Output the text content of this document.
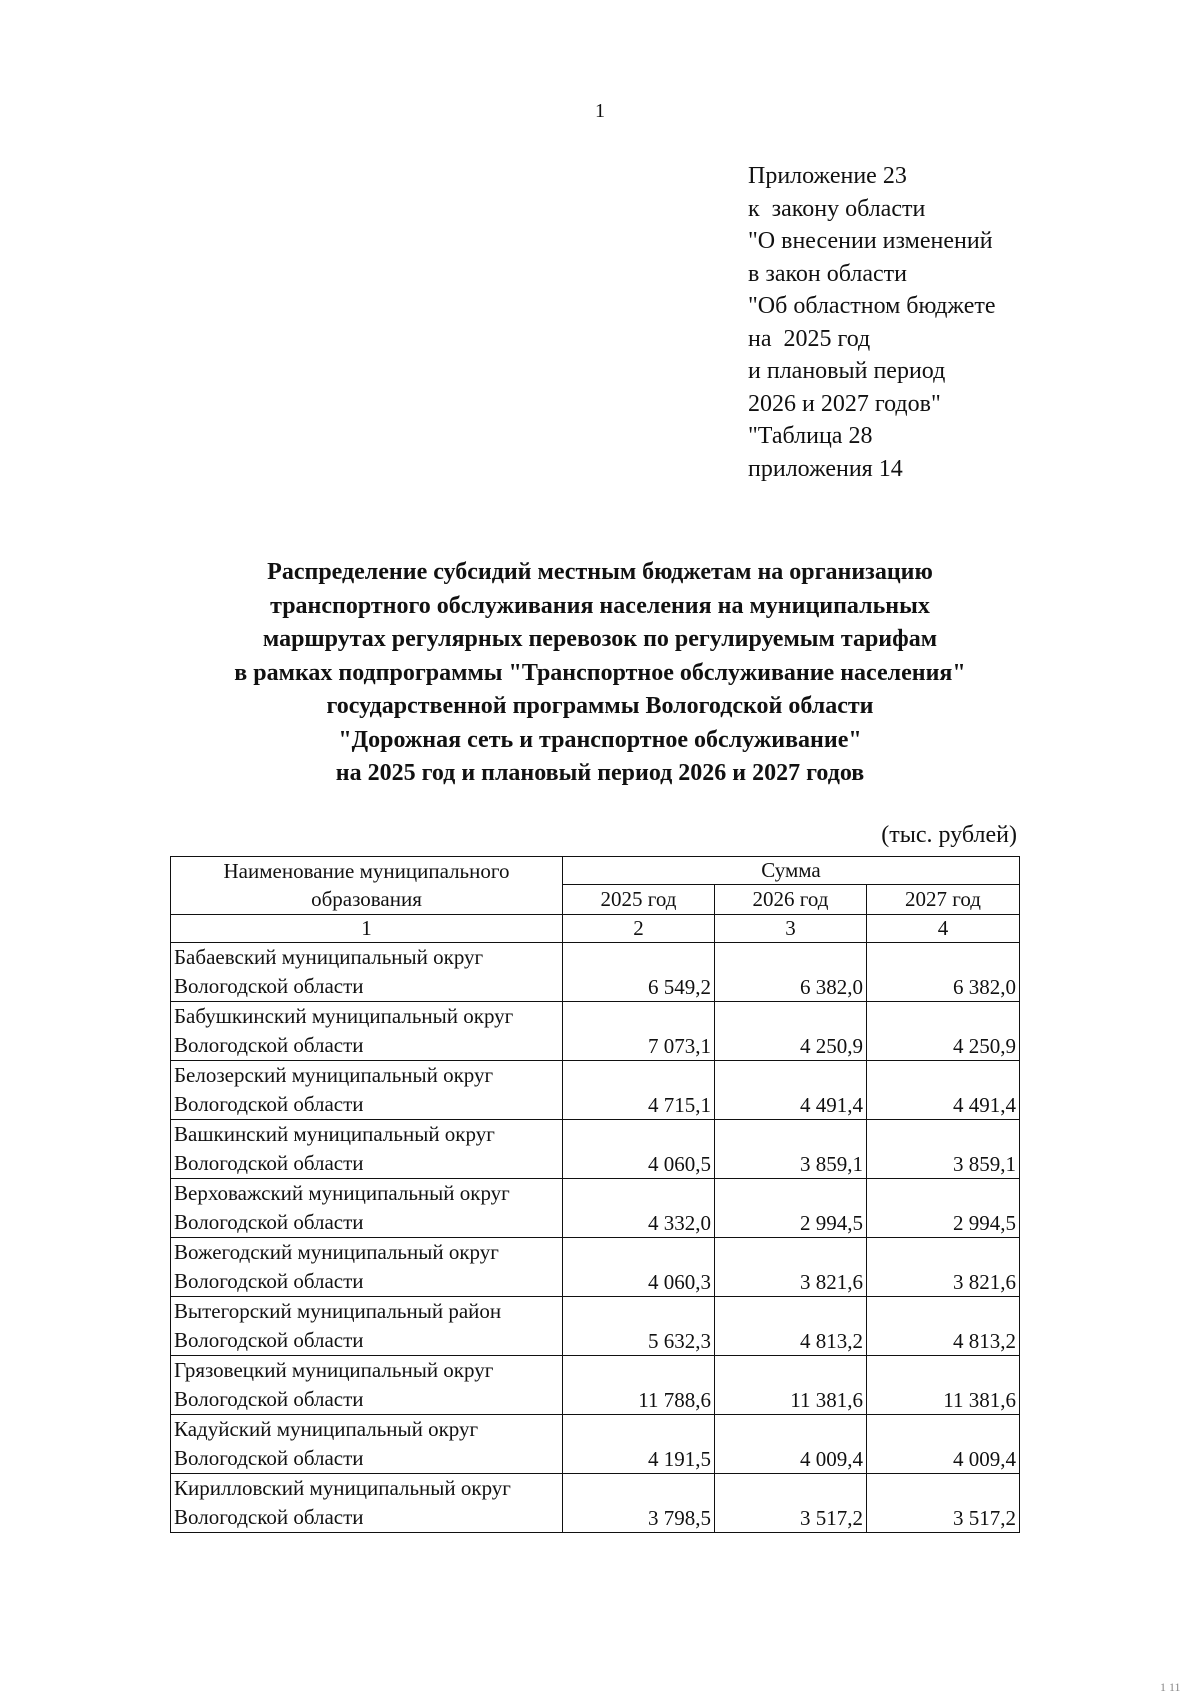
1
Приложение 23
к  закону области
"О внесении изменений
в закон области
"Об областном бюджете
на  2025 год
и плановый период
2026 и 2027 годов"
"Таблица 28
приложения 14
Распределение субсидий местным бюджетам на организацию
транспортного обслуживания населения на муниципальных
маршрутах регулярных перевозок по регулируемым тарифам
в рамках подпрограммы "Транспортное обслуживание населения"
государственной программы Вологодской области
"Дорожная сеть и транспортное обслуживание"
на 2025 год и плановый период 2026 и 2027 годов
(тыс. рублей)
Наименование муниципального
образования	Сумма		
	2025 год	2026 год	2027 год
1	2	3	4

Бабаевский муниципальный округ
Вологодской области	6 549,2	6 382,0	6 382,0

Бабушкинский муниципальный округ
Вологодской области	7 073,1	4 250,9	4 250,9

Белозерский муниципальный округ
Вологодской области	4 715,1	4 491,4	4 491,4

Вашкинский муниципальный округ
Вологодской области	4 060,5	3 859,1	3 859,1

Верховажский муниципальный округ
Вологодской области	4 332,0	2 994,5	2 994,5

Вожегодский муниципальный округ
Вологодской области	4 060,3	3 821,6	3 821,6

Вытегорский муниципальный район
Вологодской области	5 632,3	4 813,2	4 813,2

Грязовецкий муниципальный округ
Вологодской области	11 788,6	11 381,6	11 381,6

Кадуйский муниципальный округ
Вологодской области	4 191,5	4 009,4	4 009,4

Кирилловский муниципальный округ
Вологодской области	3 798,5	3 517,2	3 517,2
1 11
